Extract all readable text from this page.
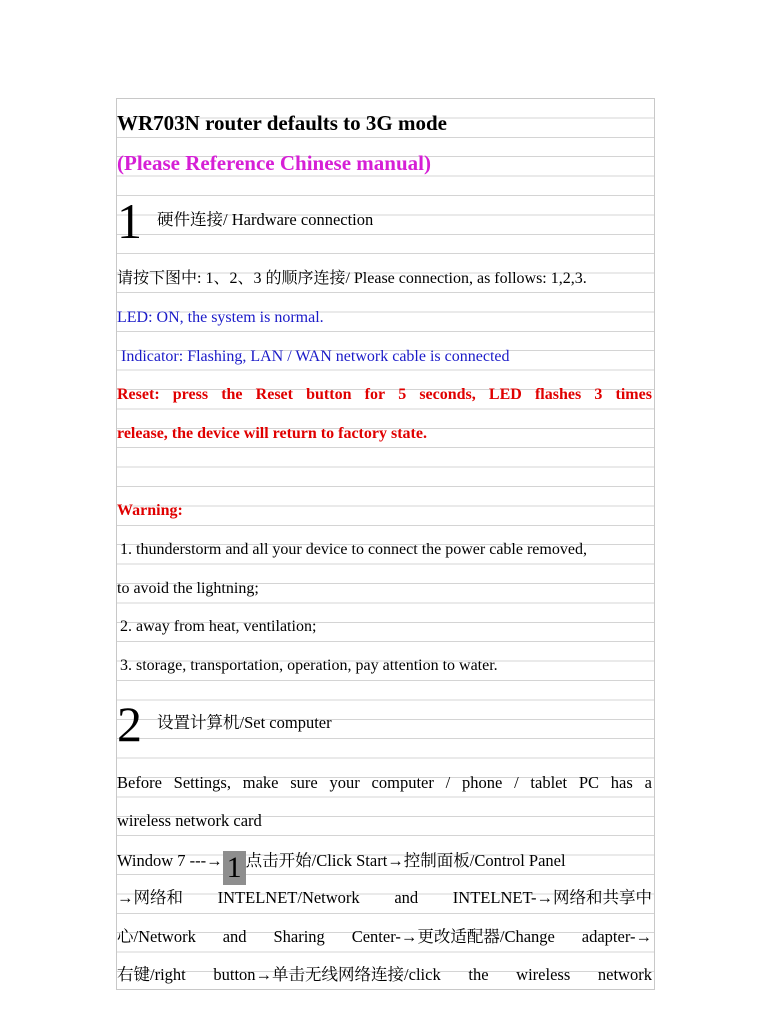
WR703N router defaults to 3G mode
(Please Reference Chinese manual)
1 硬件连接/ Hardware connection
请按下图中: 1、2、3 的顺序连接/ Please connection, as follows: 1,2,3.
LED: ON, the system is normal.
Indicator: Flashing, LAN / WAN network cable is connected
Reset: press the Reset button for 5 seconds, LED flashes 3 times
release, the device will return to factory state.
Warning:
1. thunderstorm and all your device to connect the power cable removed,
to avoid the lightning;
2. away from heat, ventilation;
3. storage, transportation, operation, pay attention to water.
2 设置计算机/Set computer
Before Settings, make sure your computer / phone / tablet PC has a
wireless network card
Window 7 ---→ 1 点击开始/Click Start→控制面板/Control Panel
→网络和 INTELNET/Network and INTELNET-→网络和共享中
心/Network and Sharing Center-→更改适配器/Change adapter-→
右键/right button→单击无线网络连接/click the wireless network
